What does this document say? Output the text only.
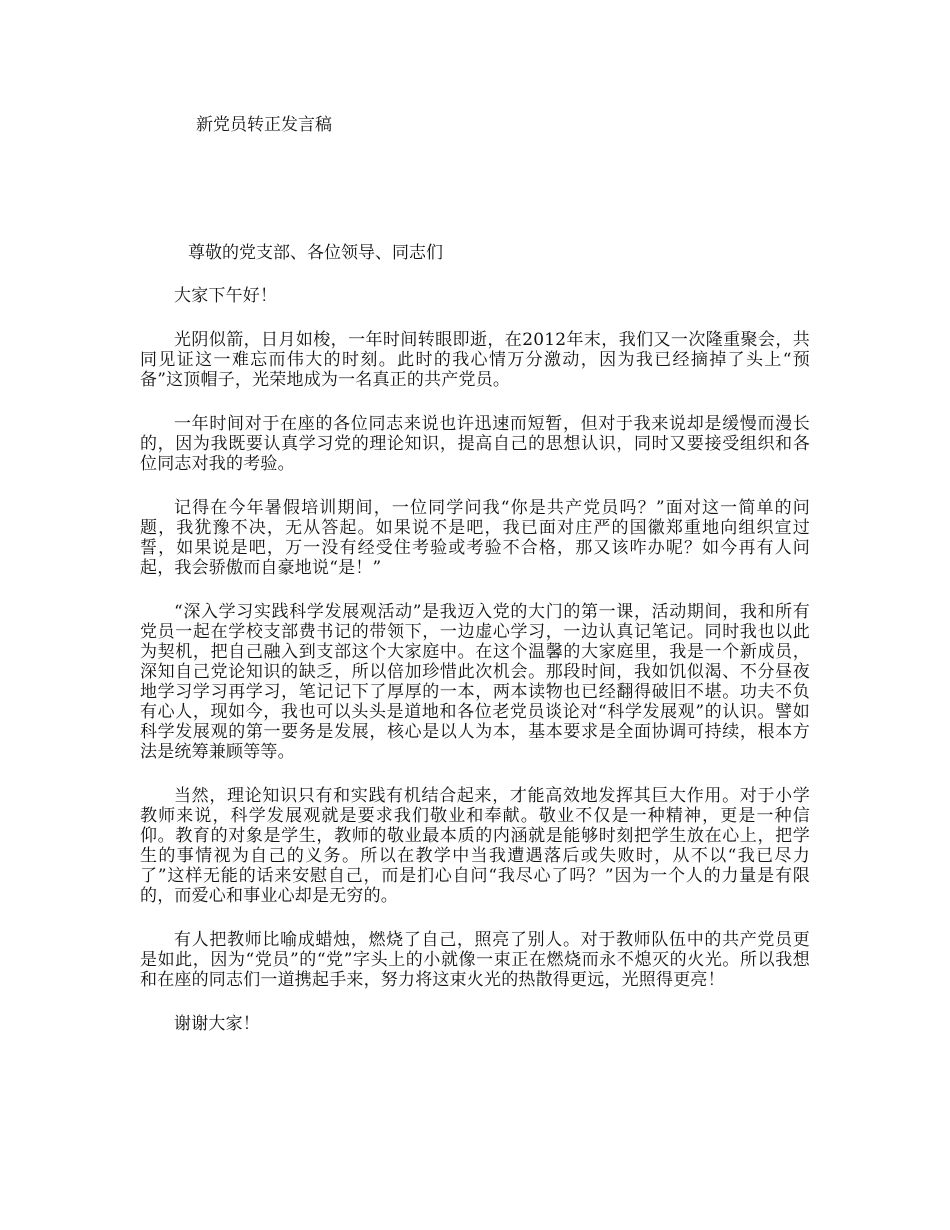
新党员转正发言稿
尊敬的党支部、各位领导、同志们

大家下午好！

光阴似箭，日月如梭，一年时间转眼即逝，在2012年末，我们又一次隆重聚会，共同见证这一难忘而伟大的时刻。此时的我心情万分激动，因为我已经摘掉了头上“预备”这顶帽子，光荣地成为一名真正的共产党员。

一年时间对于在座的各位同志来说也许迅速而短暂，但对于我来说却是缓慢而漫长的，因为我既要认真学习党的理论知识，提高自己的思想认识，同时又要接受组织和各位同志对我的考验。

记得在今年暑假培训期间，一位同学问我“你是共产党员吗？”面对这一简单的问题，我犹豫不决，无从答起。如果说不是吧，我已面对庄严的国徽郑重地向组织宣过誓，如果说是吧，万一没有经受住考验或考验不合格，那又该咋办呢？如今再有人问起，我会骄傲而自豪地说“是！”

“深入学习实践科学发展观活动”是我迈入党的大门的第一课，活动期间，我和所有党员一起在学校支部费书记的带领下，一边虚心学习，一边认真记笔记。同时我也以此为契机，把自己融入到支部这个大家庭中。在这个温馨的大家庭里，我是一个新成员，深知自己党论知识的缺乏，所以倍加珍惜此次机会。那段时间，我如饥似渴、不分昼夜地学习学习再学习，笔记记下了厚厚的一本，两本读物也已经翻得破旧不堪。功夫不负有心人，现如今，我也可以头头是道地和各位老党员谈论对“科学发展观”的认识。譬如科学发展观的第一要务是发展，核心是以人为本，基本要求是全面协调可持续，根本方法是统筹兼顾等等。

当然，理论知识只有和实践有机结合起来，才能高效地发挥其巨大作用。对于小学教师来说，科学发展观就是要求我们敬业和奉献。敬业不仅是一种精神，更是一种信仰。教育的对象是学生，教师的敬业最本质的内涵就是能够时刻把学生放在心上，把学生的事情视为自己的义务。所以在教学中当我遭遇落后或失败时，从不以“我已尽力了”这样无能的话来安慰自己，而是扪心自问“我尽心了吗？”因为一个人的力量是有限的，而爱心和事业心却是无穷的。

有人把教师比喻成蜡烛，燃烧了自己，照亮了别人。对于教师队伍中的共产党员更是如此，因为“党员”的“党”字头上的小就像一束正在燃烧而永不熄灭的火光。所以我想和在座的同志们一道携起手来，努力将这束火光的热散得更远，光照得更亮！

谢谢大家！
